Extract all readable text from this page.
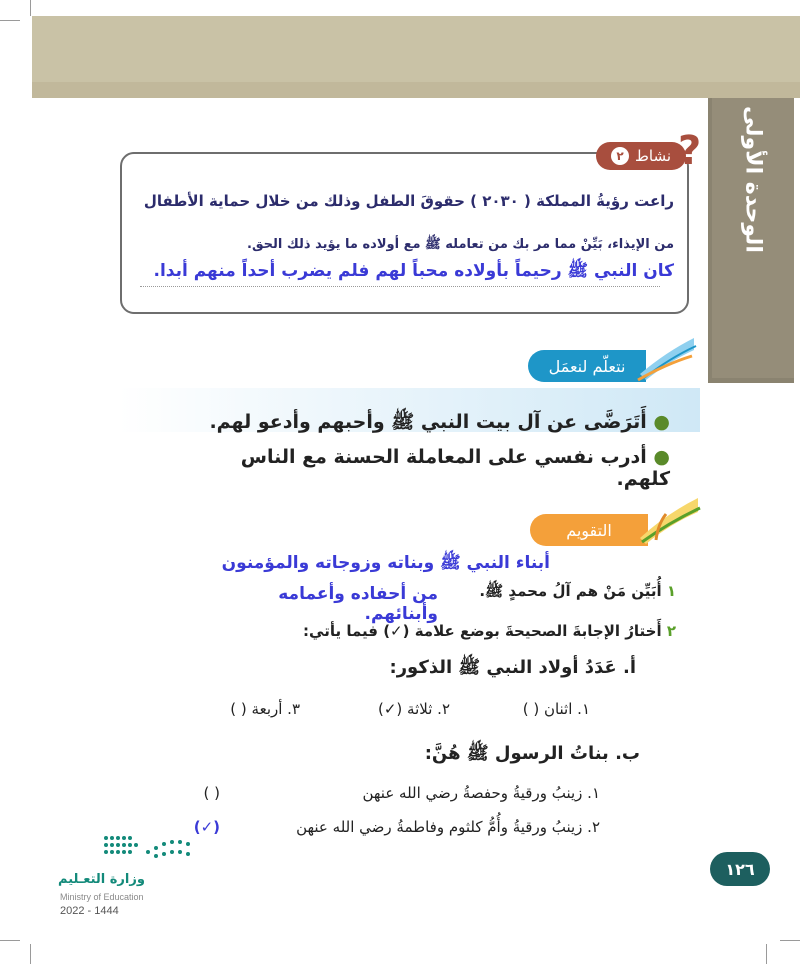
الوحدة الأولى
٢ نشاط ?
راعت رؤيةُ المملكة ( ٢٠٣٠ ) حقوقَ الطفل وذلك من خلال حماية الأطفال
من الإيذاء، بَيِّنْ مما مر بك من تعامله ﷺ مع أولاده ما يؤيد ذلك الحق.
كان النبي ﷺ رحيماً بأولاده محباً لهم فلم يضرب أحداً منهم أبدا.
نتعلّم لنعمَل
● أَتَرَضَّى عن آل بيت النبي ﷺ وأحبهم وأدعو لهم.
● أدرب نفسي على المعاملة الحسنة مع الناس كلهم.
التقويم
أبناء النبي ﷺ وبناته وزوجاته والمؤمنون
١ أُبَيِّن مَنْ هم آلُ محمدٍ ﷺ.
من أحفاده وأعمامه وأبنائهم.
٢ أَختارُ الإجابةَ الصحيحةَ بوضع علامة (✓) فيما يأتي:
أ. عَدَدُ أولاد النبي ﷺ الذكور:
١. اثنان ( )
٢. ثلاثة (✓)
٣. أربعة ( )
ب. بناتُ الرسول ﷺ هُنَّ:
١. زينبُ ورقيةُ وحفصةُ رضي الله عنهن
( )
٢. زينبُ ورقيةُ وأُمُّ كلثوم وفاطمةُ رضي الله عنهن
(✓)
١٢٦
وزارة التعـليم
Ministry of Education
2022 - 1444
